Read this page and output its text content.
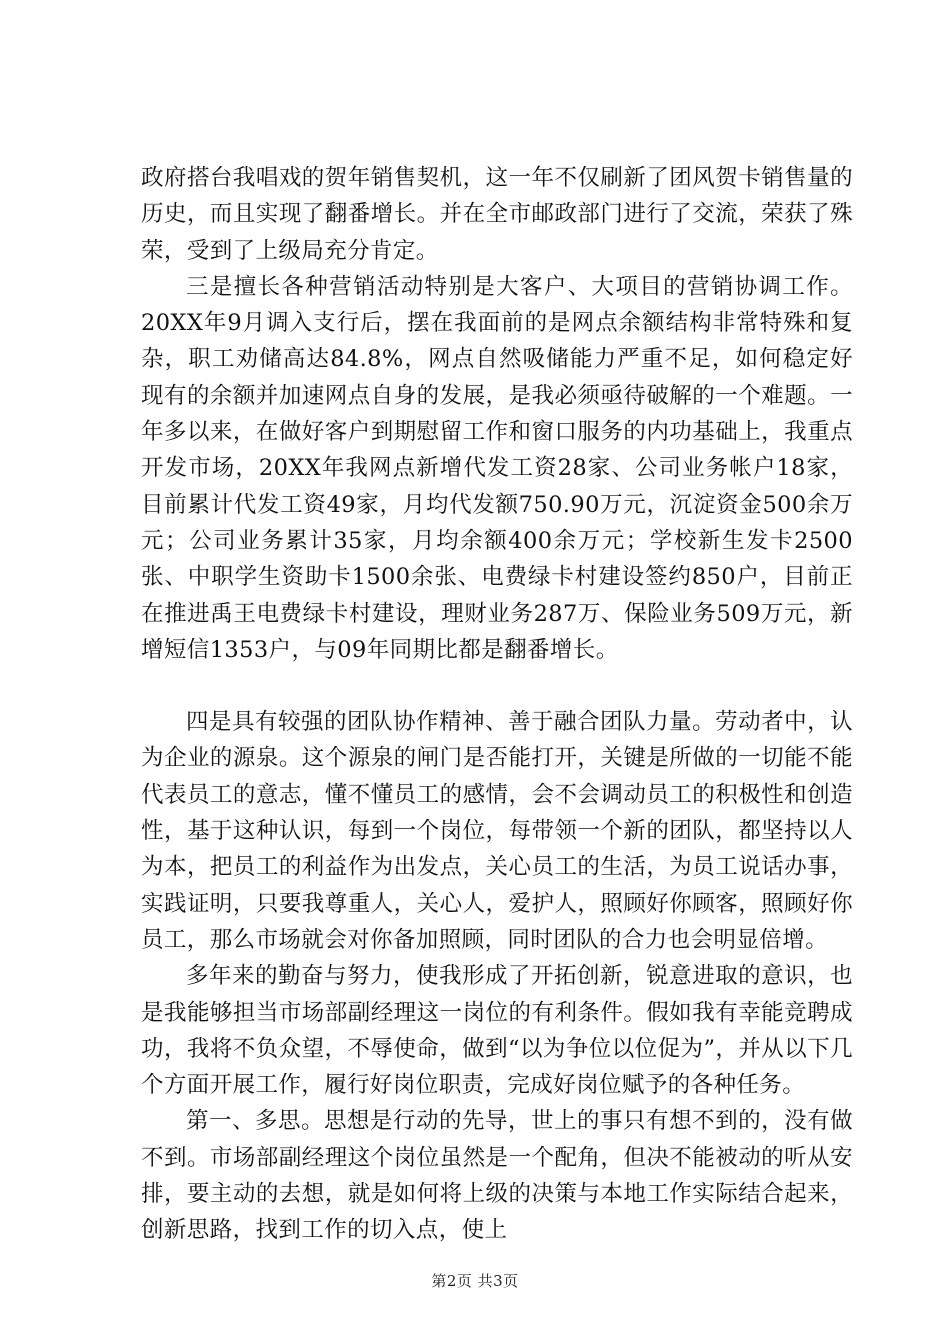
政府搭台我唱戏的贺年销售契机，这一年不仅刷新了团风贺卡销售量的历史，而且实现了翻番增长。并在全市邮政部门进行了交流，荣获了殊荣，受到了上级局充分肯定。

三是擅长各种营销活动特别是大客户、大项目的营销协调工作。20XX年9月调入支行后，摆在我面前的是网点余额结构非常特殊和复杂，职工劝储高达84.8%，网点自然吸储能力严重不足，如何稳定好现有的余额并加速网点自身的发展，是我必须亟待破解的一个难题。一年多以来，在做好客户到期慰留工作和窗口服务的内功基础上，我重点开发市场，20XX年我网点新增代发工资28家、公司业务帐户18家，目前累计代发工资49家，月均代发额750.90万元，沉淀资金500余万元；公司业务累计35家，月均余额400余万元；学校新生发卡2500张、中职学生资助卡1500余张、电费绿卡村建设签约850户，目前正在推进禹王电费绿卡村建设，理财业务287万、保险业务509万元，新增短信1353户，与09年同期比都是翻番增长。

四是具有较强的团队协作精神、善于融合团队力量。劳动者中，认为企业的源泉。这个源泉的闸门是否能打开，关键是所做的一切能不能代表员工的意志，懂不懂员工的感情，会不会调动员工的积极性和创造性，基于这种认识，每到一个岗位，每带领一个新的团队，都坚持以人为本，把员工的利益作为出发点，关心员工的生活，为员工说话办事，实践证明，只要我尊重人，关心人，爱护人，照顾好你顾客，照顾好你员工，那么市场就会对你备加照顾，同时团队的合力也会明显倍增。

多年来的勤奋与努力，使我形成了开拓创新，锐意进取的意识，也是我能够担当市场部副经理这一岗位的有利条件。假如我有幸能竞聘成功，我将不负众望，不辱使命，做到“以为争位以位促为”，并从以下几个方面开展工作，履行好岗位职责，完成好岗位赋予的各种任务。

第一、多思。思想是行动的先导，世上的事只有想不到的，没有做不到。市场部副经理这个岗位虽然是一个配角，但决不能被动的听从安排，要主动的去想，就是如何将上级的决策与本地工作实际结合起来，创新思路，找到工作的切入点，使上

第2页 共3页
